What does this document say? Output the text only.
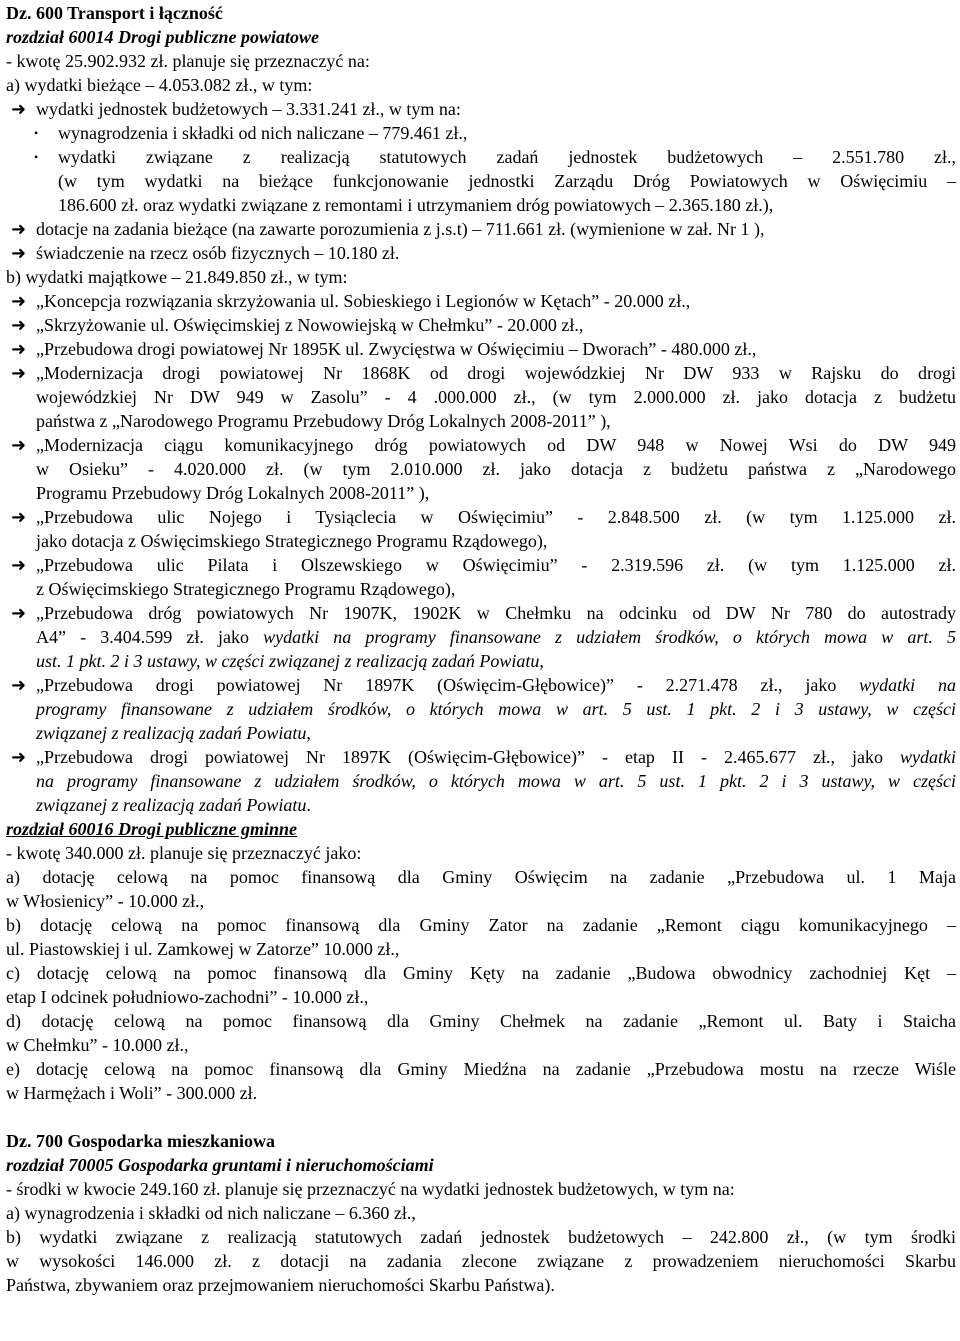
Dz. 600 Transport i łączność
rozdział 60014 Drogi publiczne powiatowe
- kwotę 25.902.932 zł. planuje się przeznaczyć na:
a) wydatki bieżące – 4.053.082 zł., w tym:
➜ wydatki jednostek budżetowych – 3.331.241 zł., w tym na:
• wynagrodzenia i składki od nich naliczane – 779.461 zł.,
• wydatki związane z realizacją statutowych zadań jednostek budżetowych – 2.551.780 zł.,
(w tym wydatki na bieżące funkcjonowanie jednostki Zarządu Dróg Powiatowych w Oświęcimiu –
186.600 zł. oraz wydatki związane z remontami i utrzymaniem dróg powiatowych – 2.365.180 zł.),
➜ dotacje na zadania bieżące (na zawarte porozumienia z j.s.t) – 711.661 zł. (wymienione w zał. Nr 1 ),
➜ świadczenie na rzecz osób fizycznych – 10.180 zł.
b) wydatki majątkowe – 21.849.850 zł., w tym:
➜ „Koncepcja rozwiązania skrzyżowania ul. Sobieskiego i Legionów w Kętach” - 20.000 zł.,
➜ „Skrzyżowanie ul. Oświęcimskiej z Nowowiejską w Chełmku” - 20.000 zł.,
➜ „Przebudowa drogi powiatowej Nr 1895K ul. Zwycięstwa w Oświęcimiu – Dworach” - 480.000 zł.,
➜ „Modernizacja drogi powiatowej Nr 1868K od drogi wojewódzkiej Nr DW 933 w Rajsku do drogi
wojewódzkiej Nr DW 949 w Zasolu” - 4 .000.000 zł., (w tym 2.000.000 zł. jako dotacja z budżetu
państwa z „Narodowego Programu Przebudowy Dróg Lokalnych 2008-2011” ),
➜ „Modernizacja ciągu komunikacyjnego dróg powiatowych od DW 948 w Nowej Wsi do DW 949
w Osieku” - 4.020.000 zł. (w tym 2.010.000 zł. jako dotacja z budżetu państwa z „Narodowego
Programu Przebudowy Dróg Lokalnych 2008-2011” ),
➜ „Przebudowa ulic Nojego i Tysiąclecia w Oświęcimiu” - 2.848.500 zł. (w tym 1.125.000 zł.
jako dotacja z Oświęcimskiego Strategicznego Programu Rządowego),
➜ „Przebudowa ulic Pilata i Olszewskiego w Oświęcimiu” - 2.319.596 zł. (w tym 1.125.000 zł.
z Oświęcimskiego Strategicznego Programu Rządowego),
➜ „Przebudowa dróg powiatowych Nr 1907K, 1902K w Chełmku na odcinku od DW Nr 780 do autostrady
A4” - 3.404.599 zł. jako wydatki na programy finansowane z udziałem środków, o których mowa w art. 5
ust. 1 pkt. 2 i 3 ustawy, w części związanej z realizacją zadań Powiatu,
➜ „Przebudowa drogi powiatowej Nr 1897K (Oświęcim-Głębowice)” - 2.271.478 zł., jako wydatki na
programy finansowane z udziałem środków, o których mowa w art. 5 ust. 1 pkt. 2 i 3 ustawy, w części
związanej z realizacją zadań Powiatu,
➜ „Przebudowa drogi powiatowej Nr 1897K (Oświęcim-Głębowice)” - etap II - 2.465.677 zł., jako wydatki
na programy finansowane z udziałem środków, o których mowa w art. 5 ust. 1 pkt. 2 i 3 ustawy, w części
związanej z realizacją zadań Powiatu.
rozdział 60016 Drogi publiczne gminne
- kwotę 340.000 zł. planuje się przeznaczyć jako:
a) dotację celową na pomoc finansową dla Gminy Oświęcim na zadanie „Przebudowa ul. 1 Maja
w Włosienicy” - 10.000 zł.,
b) dotację celową na pomoc finansową dla Gminy Zator na zadanie „Remont ciągu komunikacyjnego –
ul. Piastowskiej i ul. Zamkowej w Zatorze” 10.000 zł.,
c) dotację celową na pomoc finansową dla Gminy Kęty na zadanie „Budowa obwodnicy zachodniej Kęt –
etap I odcinek południowo-zachodni” - 10.000 zł.,
d) dotację celową na pomoc finansową dla Gminy Chełmek na zadanie „Remont ul. Baty i Staicha
w Chełmku” - 10.000 zł.,
e) dotację celową na pomoc finansową dla Gminy Miedźna na zadanie „Przebudowa mostu na rzecze Wiśle
w Harmężach i Woli” - 300.000 zł.
Dz. 700 Gospodarka mieszkaniowa
rozdział 70005 Gospodarka gruntami i nieruchomościami
- środki w kwocie 249.160 zł. planuje się przeznaczyć na wydatki jednostek budżetowych, w tym na:
a) wynagrodzenia i składki od nich naliczane – 6.360 zł.,
b) wydatki związane z realizacją statutowych zadań jednostek budżetowych – 242.800 zł., (w tym środki
w wysokości 146.000 zł. z dotacji na zadania zlecone związane z prowadzeniem nieruchomości Skarbu
Państwa, zbywaniem oraz przejmowaniem nieruchomości Skarbu Państwa).
